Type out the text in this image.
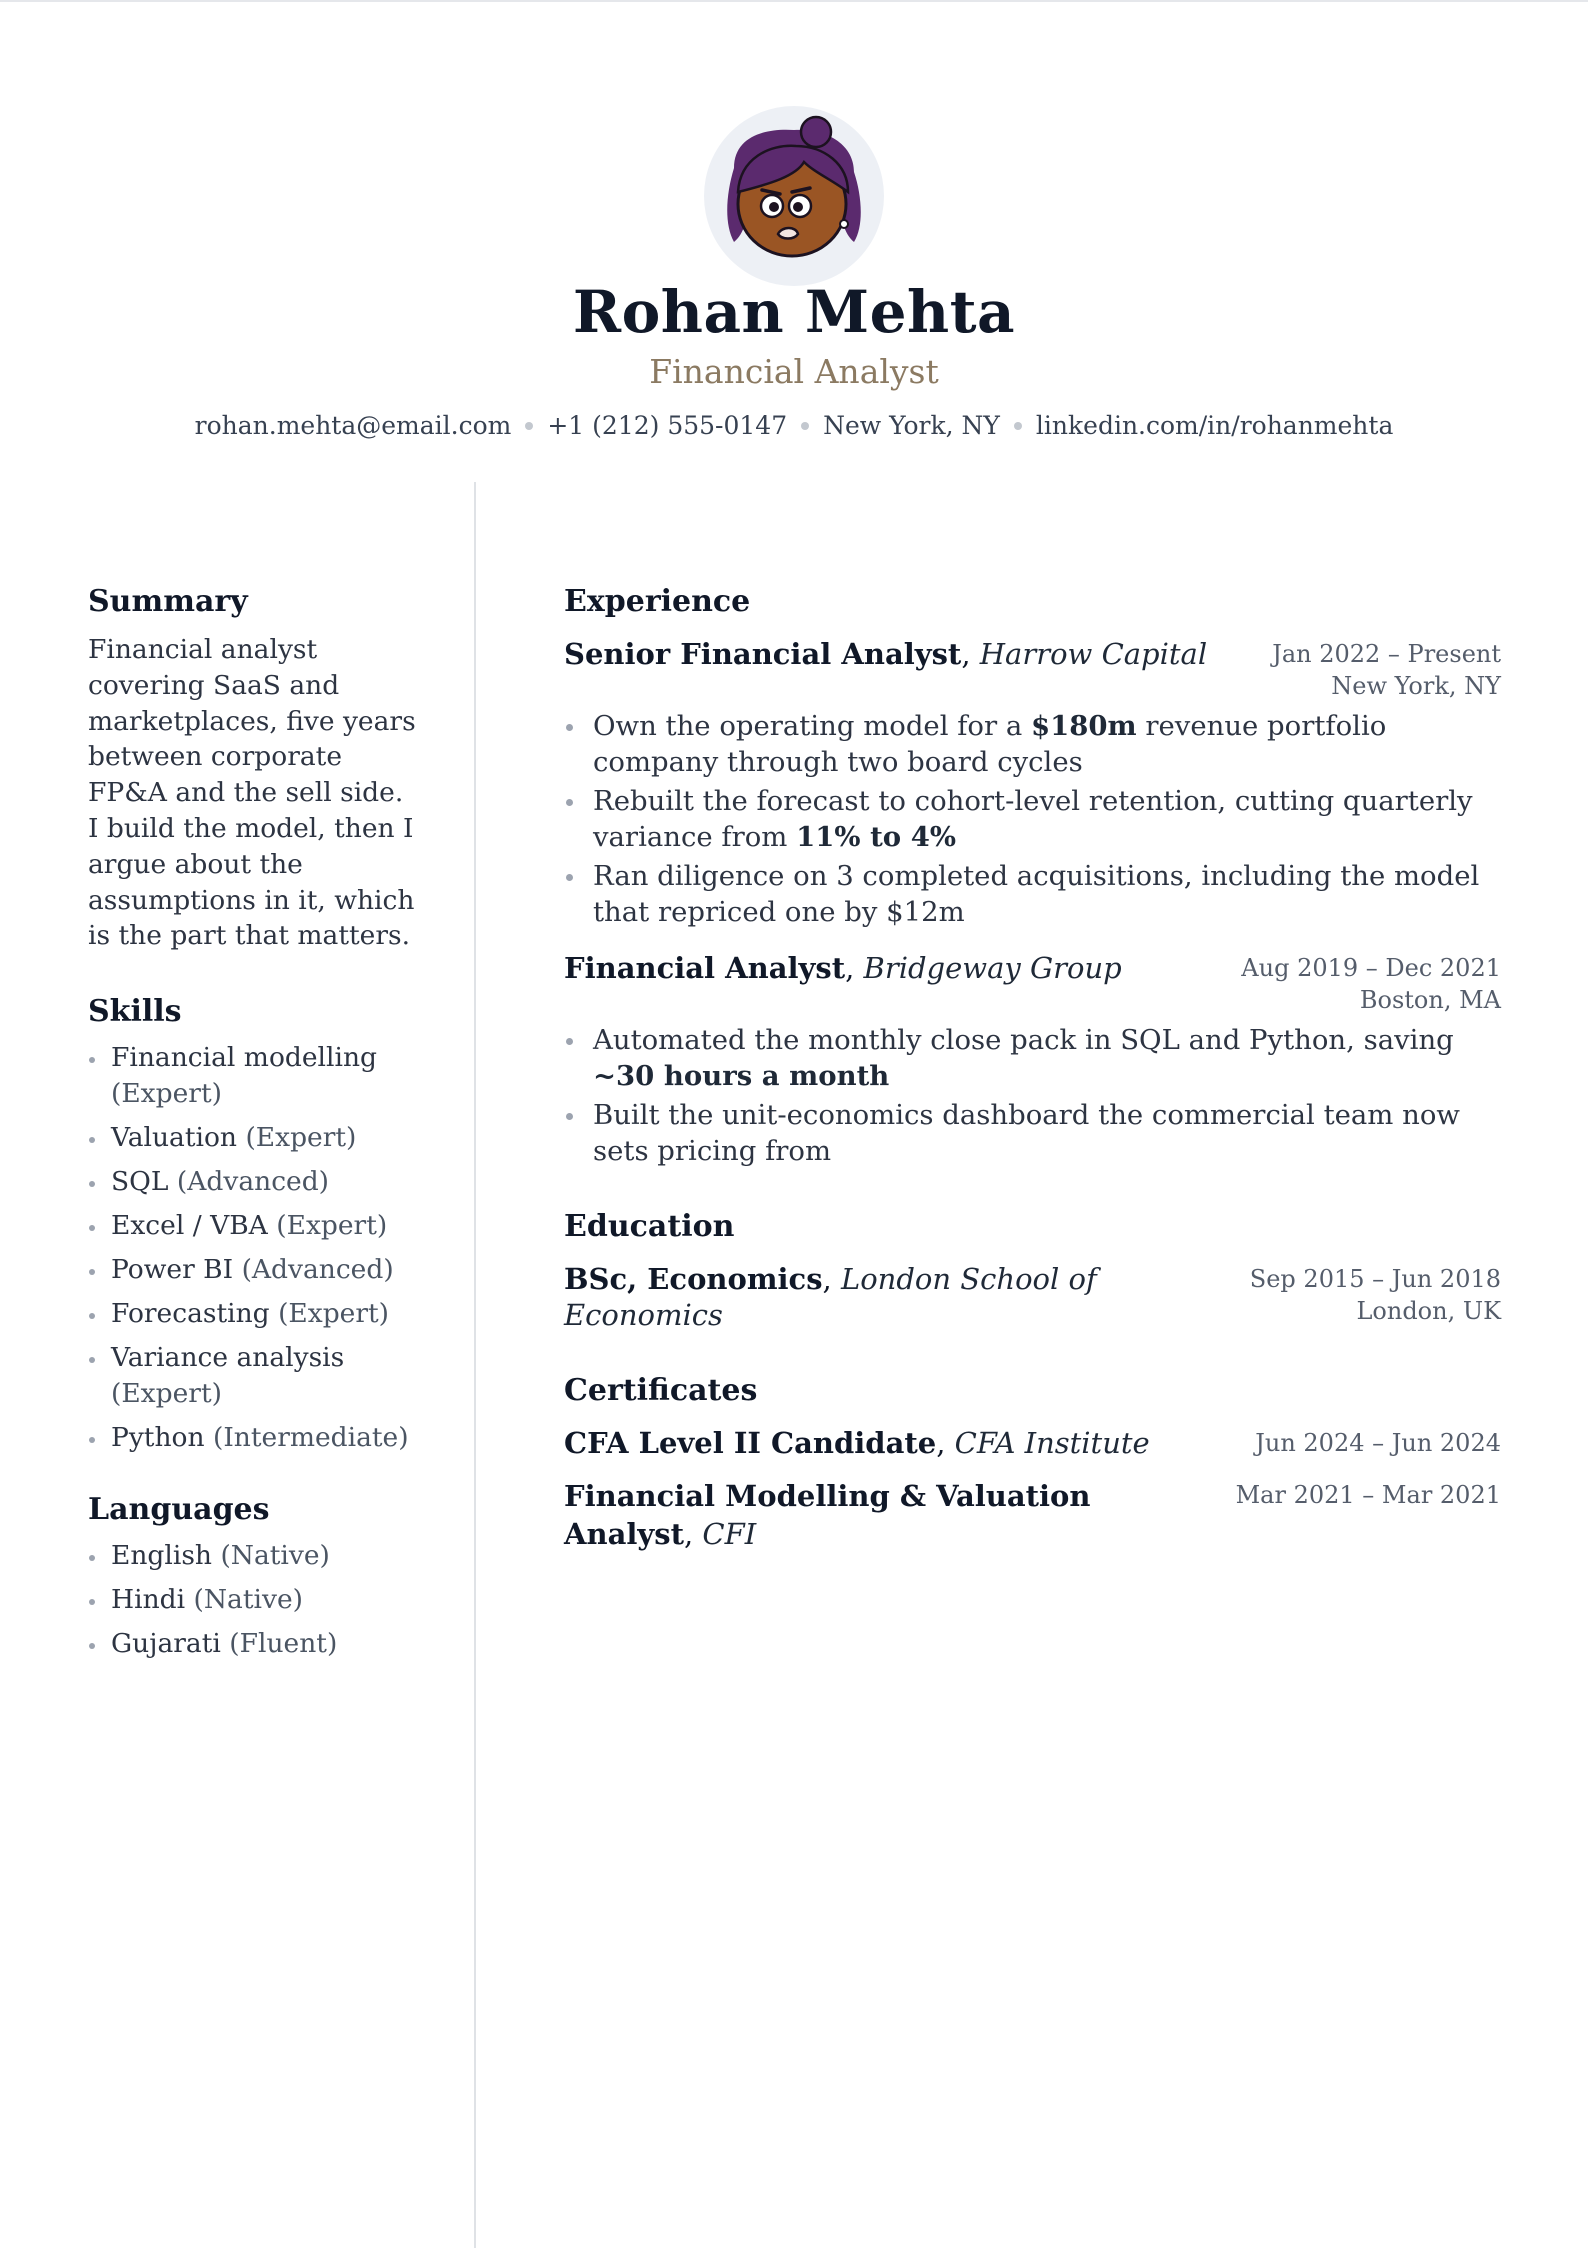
Rohan Mehta
Financial Analyst
rohan.mehta@email.com +1 (212) 555-0147 New York, NY linkedin.com/in/rohanmehta
Summary
Financial analyst covering SaaS and marketplaces, five years between corporate FP&A and the sell side. I build the model, then I argue about the assumptions in it, which is the part that matters.
Skills
Financial modelling (Expert)
Valuation (Expert)
SQL (Advanced)
Excel / VBA (Expert)
Power BI (Advanced)
Forecasting (Expert)
Variance analysis (Expert)
Python (Intermediate)
Languages
English (Native)
Hindi (Native)
Gujarati (Fluent)
Experience
Senior Financial Analyst, Harrow Capital	Jan 2022 – Present
New York, NY
Own the operating model for a $180m revenue portfolio company through two board cycles
Rebuilt the forecast to cohort-level retention, cutting quarterly variance from 11% to 4%
Ran diligence on 3 completed acquisitions, including the model that repriced one by $12m
Financial Analyst, Bridgeway Group	Aug 2019 – Dec 2021
Boston, MA
Automated the monthly close pack in SQL and Python, saving ~30 hours a month
Built the unit-economics dashboard the commercial team now sets pricing from
Education
BSc, Economics, London School of Economics
Sep 2015 – Jun 2018
London, UK
Certificates
CFA Level II Candidate, CFA Institute	Jun 2024 – Jun 2024
Financial Modelling & Valuation Analyst, CFI
Mar 2021 – Mar 2021
